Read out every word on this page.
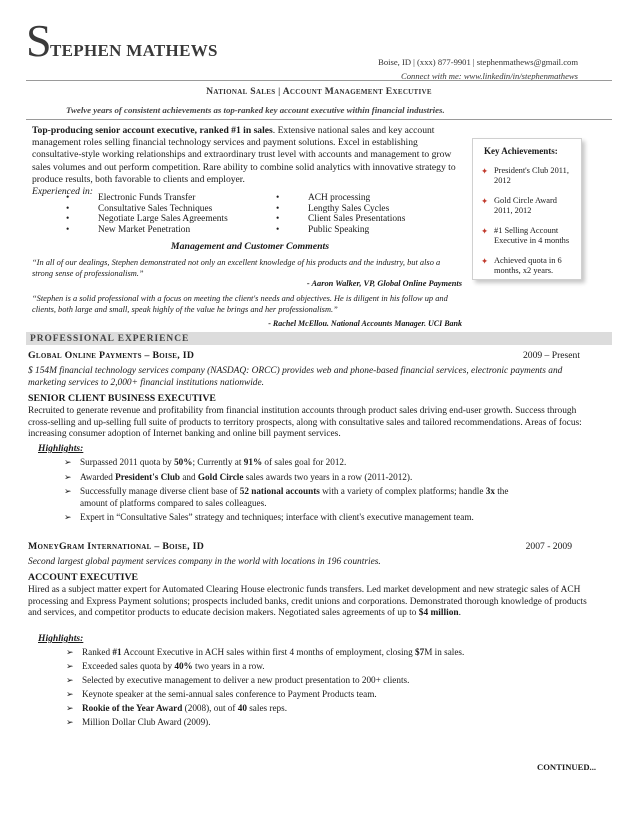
S
TEPHEN MATHEWS
Boise, ID | (xxx) 877-9901 | stephenmathews@gmail.com
Connect with me: www.linkedin/in/stephenmathews
National Sales | Account Management Executive
Twelve years of consistent achievements as top-ranked key account executive within financial industries.
Top-producing senior account executive, ranked #1 in sales. Extensive national sales and key account management roles selling financial technology services and payment solutions. Excel in establishing consultative-style working relationships and extraordinary trust level with accounts and management to grow sales volumes and out perform competition. Rare ability to combine solid analytics with innovative strategy to produce results, both favorable to clients and employer.
Experienced in:
• Electronic Funds Transfer
• Consultative Sales Techniques
• Negotiate Large Sales Agreements
• New Market Penetration
• ACH processing
• Lengthy Sales Cycles
• Client Sales Presentations
• Public Speaking
Management and Customer Comments
“In all of our dealings, Stephen demonstrated not only an excellent knowledge of his products and the industry, but also a strong sense of professionalism.”
- Aaron Walker, VP, Global Online Payments
“Stephen is a solid professional with a focus on meeting the client's needs and objectives. He is diligent in his follow up and clients, both large and small, speak highly of the value he brings and her professionalism.”
- Rachel McEllou. National Accounts Manager. UCI Bank
Key Achievements:
✦ President's Club 2011, 2012
✦ Gold Circle Award 2011, 2012
✦ #1 Selling Account Executive in 4 months
✦ Achieved quota in 6 months, x2 years.
PROFESSIONAL EXPERIENCE
Global Online Payments – Boise, ID	2009 – Present
$ 154M financial technology services company (NASDAQ: ORCC) provides web and phone-based financial services, electronic payments and marketing services to 2,000+ financial institutions nationwide.
SENIOR CLIENT BUSINESS EXECUTIVE
Recruited to generate revenue and profitability from financial institution accounts through product sales driving end-user growth. Success through cross-selling and up-selling full suite of products to territory prospects, along with consultative sales and tailored recommendations. Areas of focus: increasing consumer adoption of Internet banking and online bill payment services.
Highlights:
➢ Surpassed 2011 quota by 50%; Currently at 91% of sales goal for 2012.
➢ Awarded President's Club and Gold Circle sales awards two years in a row (2011-2012).
➢ Successfully manage diverse client base of 52 national accounts with a variety of complex platforms; handle 3x the
amount of platforms compared to sales colleagues.
➢ Expert in “Consultative Sales” strategy and techniques; interface with client's executive management team.
MoneyGram International – Boise, ID	2007 - 2009
Second largest global payment services company in the world with locations in 196 countries.
ACCOUNT EXECUTIVE
Hired as a subject matter expert for Automated Clearing House electronic funds transfers. Led market development and new strategic sales of ACH processing and Express Payment solutions; prospects included banks, credit unions and corporations. Demonstrated thorough knowledge of products and services, and competitor products to educate decision makers. Negotiated sales agreements of up to $4 million.
Highlights:
➢ Ranked #1 Account Executive in ACH sales within first 4 months of employment, closing $7M in sales.
➢ Exceeded sales quota by 40% two years in a row.
➢ Selected by executive management to deliver a new product presentation to 200+ clients.
➢ Keynote speaker at the semi-annual sales conference to Payment Products team.
➢ Rookie of the Year Award (2008), out of 40 sales reps.
➢ Million Dollar Club Award (2009).
CONTINUED...
